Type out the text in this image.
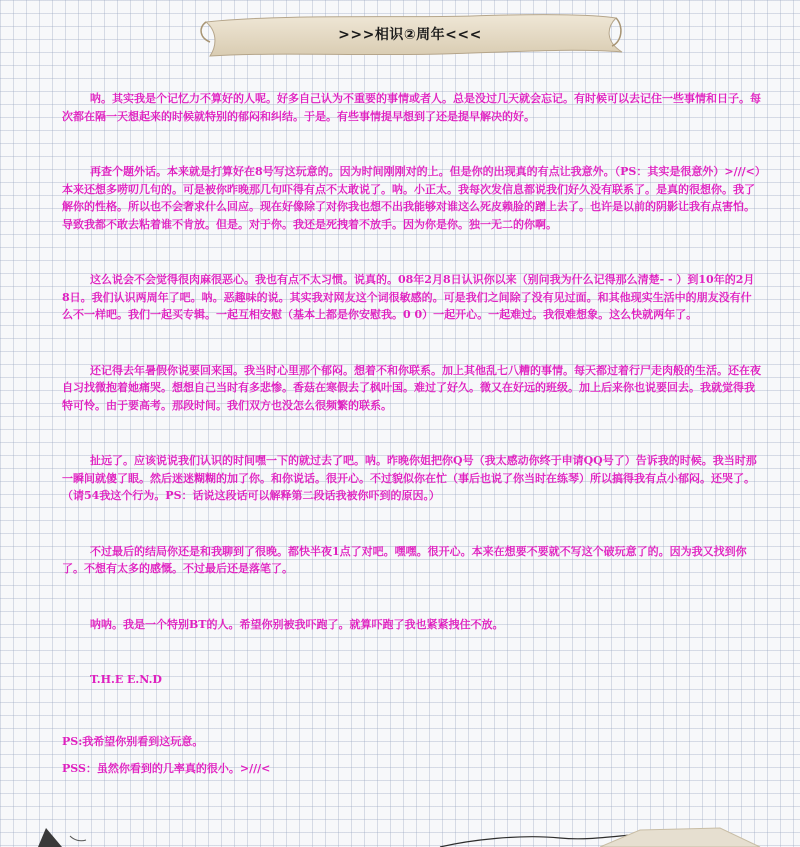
>>>相识②周年<<<

呐。其实我是个记忆力不算好的人呢。好多自己认为不重要的事情或者人。总是没过几天就会忘记。有时候可以去记住一些事情和日子。每次都在隔一天想起来的时候就特别的郁闷和纠结。于是。有些事情提早想到了还是提早解决的好。

再查个题外话。本来就是打算好在8号写这玩意的。因为时间刚刚对的上。但是你的出现真的有点让我意外。（PS：其实是很意外）>///<）本来还想多唠叨几句的。可是被你昨晚那几句吓得有点不太敢说了。呐。小正太。我每次发信息都说我们好久没有联系了。是真的很想你。我了解你的性格。所以也不会奢求什么回应。现在好像除了对你我也想不出我能够对谁这么死皮赖脸的蹭上去了。也许是以前的阴影让我有点害怕。导致我都不敢去粘着谁不肯放。但是。对于你。我还是死拽着不放手。因为你是你。独一无二的你啊。

这么说会不会觉得很肉麻很恶心。我也有点不太习惯。说真的。08年2月8日认识你以来（别问我为什么记得那么清楚- - ）到10年的2月8日。我们认识两周年了吧。呐。恶趣味的说。其实我对网友这个词很敏感的。可是我们之间除了没有见过面。和其他现实生活中的朋友没有什么不一样吧。我们一起买专辑。一起互相安慰（基本上都是你安慰我。0 0）一起开心。一起难过。我很难想象。这么快就两年了。

还记得去年暑假你说要回来国。我当时心里那个郁闷。想着不和你联系。加上其他乱七八糟的事情。每天都过着行尸走肉般的生活。还在夜自习找微抱着她痛哭。想想自己当时有多悲惨。香菇在寒假去了枫叶国。难过了好久。微又在好远的班级。加上后来你也说要回去。我就觉得我特可怜。由于要高考。那段时间。我们双方也没怎么很频繁的联系。

扯远了。应该说说我们认识的时间嘿一下的就过去了吧。呐。昨晚你姐把你Q号（我太感动你终于申请QQ号了）告诉我的时候。我当时那一瞬间就傻了眼。然后迷迷糊糊的加了你。和你说话。很开心。不过貌似你在忙（事后也说了你当时在练琴）所以搞得我有点小郁闷。还哭了。（请54我这个行为。PS：话说这段话可以解释第二段话我被你吓到的原因。）

不过最后的结局你还是和我聊到了很晚。都快半夜1点了对吧。嘿嘿。很开心。本来在想要不要就不写这个破玩意了的。因为我又找到你了。不想有太多的感慨。不过最后还是落笔了。

呐呐。我是一个特别BT的人。希望你别被我吓跑了。就算吓跑了我也紧紧拽住不放。

T.H.E E.N.D

PS:我希望你别看到这玩意。

PSS：虽然你看到的几率真的很小。>///<
